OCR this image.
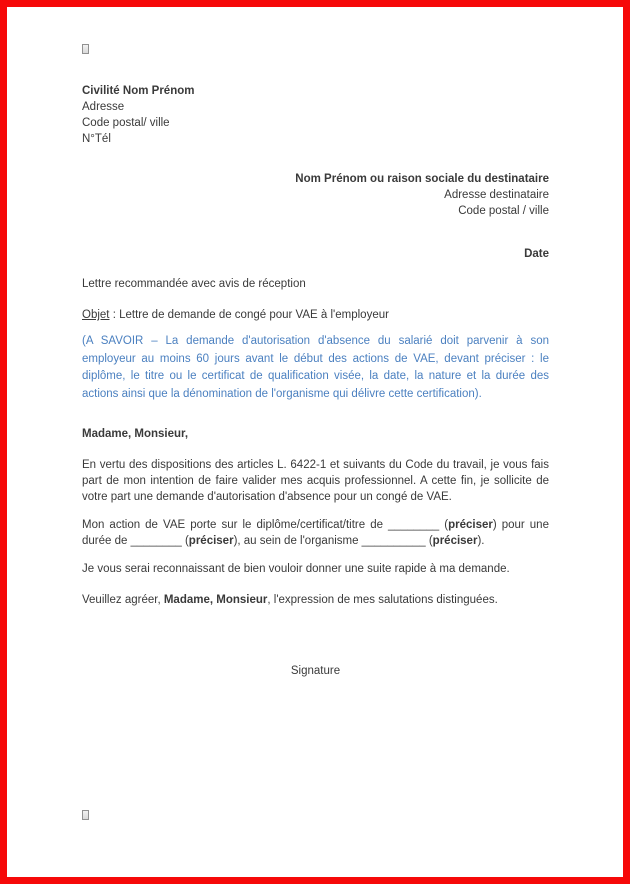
Civilité Nom Prénom
Adresse
Code postal/ ville
N°Tél
Nom Prénom ou raison sociale du destinataire
Adresse destinataire
Code postal / ville
Date
Lettre recommandée avec avis de réception
Objet : Lettre de demande de congé pour VAE à l'employeur
(A SAVOIR – La demande d'autorisation d'absence du salarié doit parvenir à son employeur au moins 60 jours avant le début des actions de VAE, devant préciser : le diplôme, le titre ou le certificat de qualification visée, la date, la nature et la durée des actions ainsi que la dénomination de l'organisme qui délivre cette certification).
Madame, Monsieur,
En vertu des dispositions des articles L. 6422-1 et suivants du Code du travail, je vous fais part de mon intention de faire valider mes acquis professionnel. A cette fin, je sollicite de votre part une demande d'autorisation d'absence pour un congé de VAE.
Mon action de VAE porte sur le diplôme/certificat/titre de ________ (préciser) pour une durée de ________ (préciser), au sein de l'organisme __________ (préciser).
Je vous serai reconnaissant de bien vouloir donner une suite rapide à ma demande.
Veuillez agréer, Madame, Monsieur, l'expression de mes salutations distinguées.
Signature
